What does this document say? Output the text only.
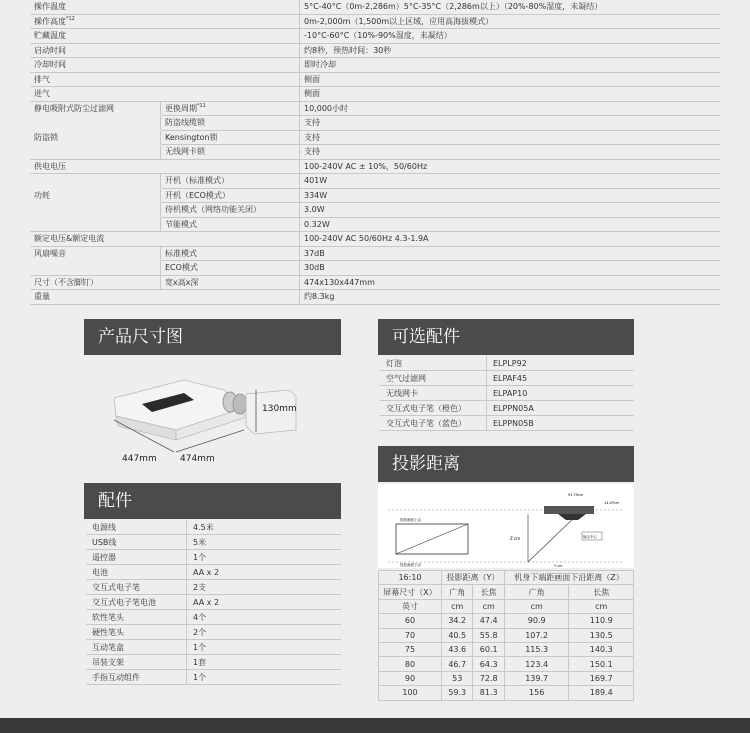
操作温度		5°C-40°C（0m-2,286m）5°C-35°C（2,286m以上）（20%-80%湿度，未凝结）
操作高度$^{*12}$		0m-2,000m（1,500m以上区域，应用高海拔模式）
贮藏温度		-10°C-60°C（10%-90%湿度，未凝结）
启动时间		约8秒，预热时间：30秒
冷却时间		即时冷却
排气		侧面
进气		侧面
静电吸附式防尘过滤网	更换周期$^{*11}$	10,000小时
	防盗线缆锁	支持
防盗锁	Kensington锁	支持
	无线网卡锁	支持
供电电压		100-240V AC ± 10%，50/60Hz
	开机（标准模式）	401W
功耗	开机（ECO模式）	334W
	待机模式（网络功能关闭）	3.0W
	节能模式	0.32W
额定电压&额定电流		100-240V AC 50/60Hz 4.3-1.9A
风扇噪音	标准模式	37dB
	ECO模式	30dB
尺寸（不含脚钉）	宽x高x深	474x130x447mm
重量		约8.3kg
产品尺寸图
130mm
447mm	474mm
配件
电源线	4.5米
USB线	5米
遥控器	1个
电池	AA x 2
交互式电子笔	2支
交互式电子笔电池	AA x 2
软性笔头	4个
硬性笔头	2个
互动笔盒	1个
吊装支架	1套
手指互动组件	1个
可选配件
灯泡	ELPLP92
空气过滤网	ELPAF45
无线网卡	ELPAP10
交互式电子笔（橙色）	ELPPN05A
交互式电子笔（蓝色）	ELPPN05B
投影距离
投影画面上沿
投影画面下沿
镜头中心
Z cm
Y cm
91.75cm
14.07cm
16:10	投影距离（Y）		机身下端距画面下沿距离（Z）	
屏幕尺寸（X）	广角	长焦	广角	长焦
英寸	cm	cm	cm	cm
60	34.2	47.4	90.9	110.9
70	40.5	55.8	107.2	130.5
75	43.6	60.1	115.3	140.3
80	46.7	64.3	123.4	150.1
90	53	72.8	139.7	169.7
100	59.3	81.3	156	189.4
